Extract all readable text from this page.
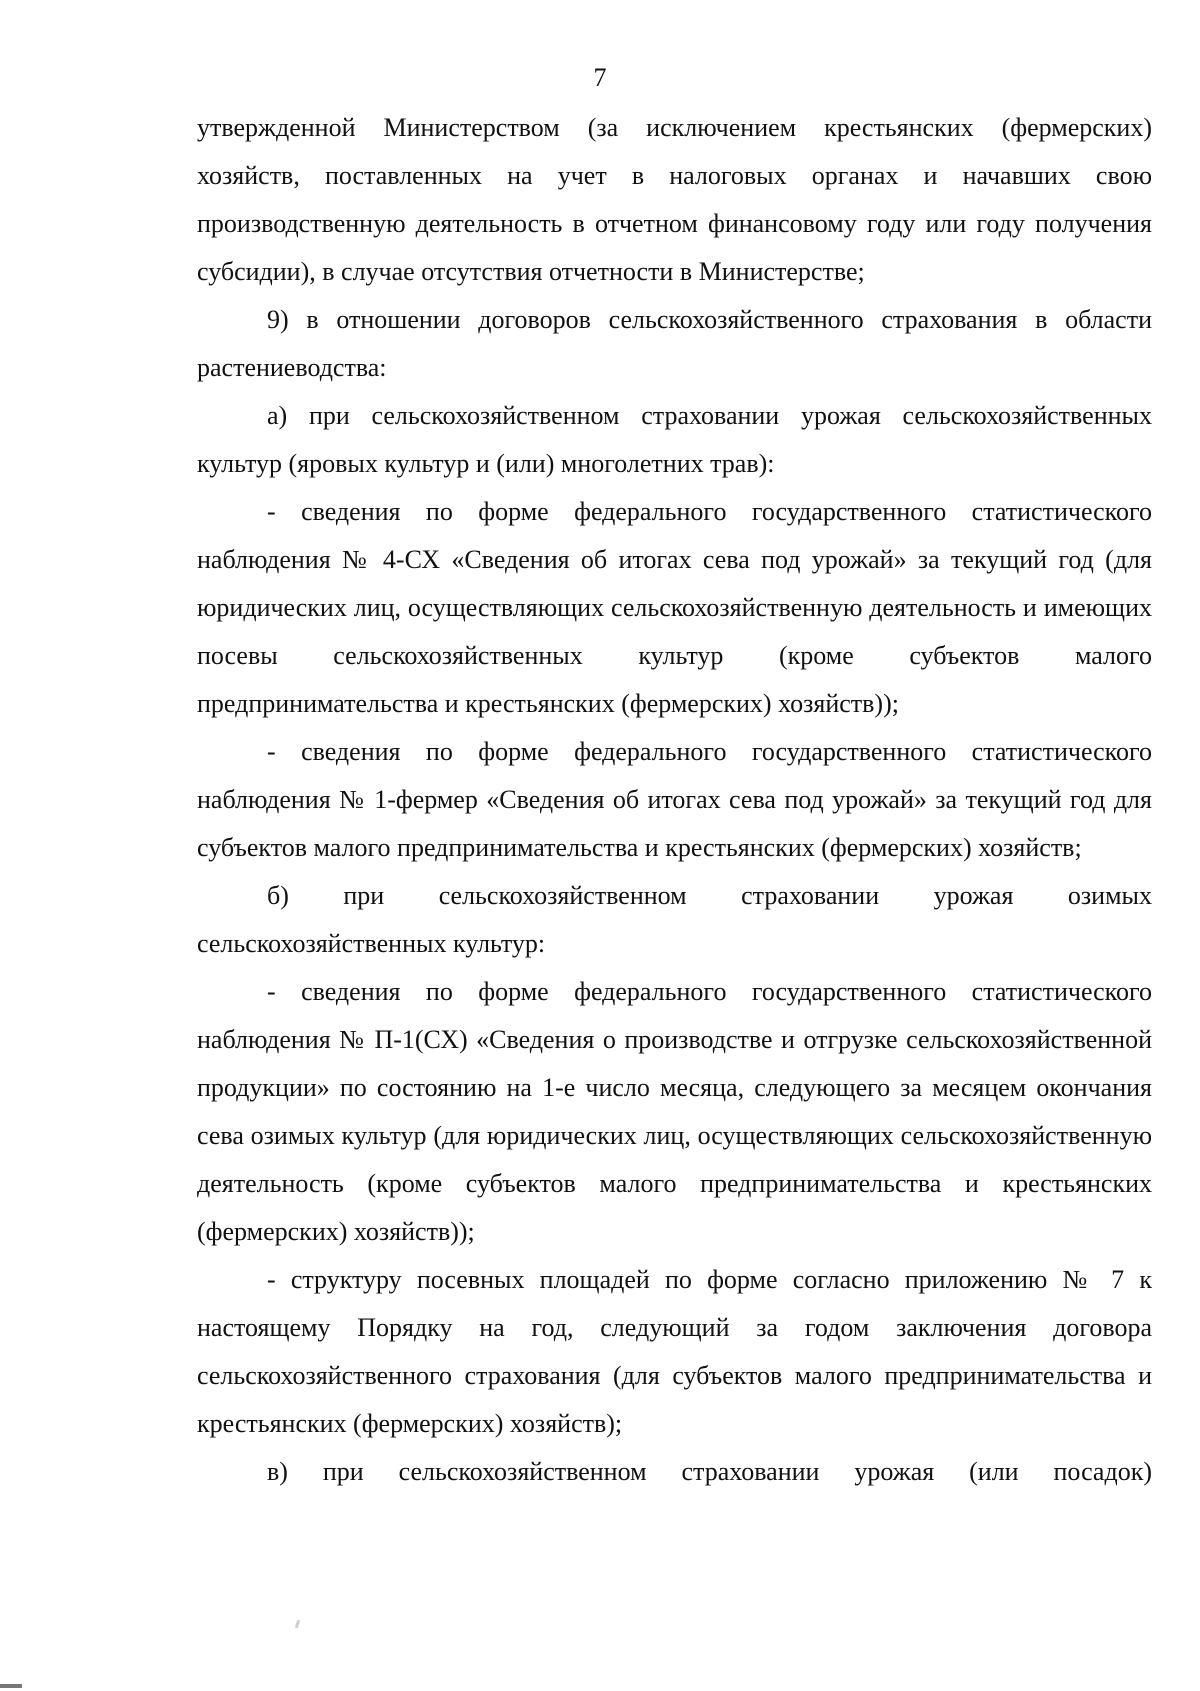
7

утвержденной Министерством (за исключением крестьянских (фермерских) хозяйств, поставленных на учет в налоговых органах и начавших свою производственную деятельность в отчетном финансовому году или году получения субсидии), в случае отсутствия отчетности в Министерстве;

9) в отношении договоров сельскохозяйственного страхования в области растениеводства:

а) при сельскохозяйственном страховании урожая сельскохозяйственных культур (яровых культур и (или) многолетних трав):

- сведения по форме федерального государственного статистического наблюдения № 4-СХ «Сведения об итогах сева под урожай» за текущий год (для юридических лиц, осуществляющих сельскохозяйственную деятельность и имеющих посевы сельскохозяйственных культур (кроме субъектов малого предпринимательства и крестьянских (фермерских) хозяйств));

- сведения по форме федерального государственного статистического наблюдения № 1-фермер «Сведения об итогах сева под урожай» за текущий год для субъектов малого предпринимательства и крестьянских (фермерских) хозяйств;

б) при сельскохозяйственном страховании урожая озимых сельскохозяйственных культур:

- сведения по форме федерального государственного статистического наблюдения № П-1(СХ) «Сведения о производстве и отгрузке сельскохозяйственной продукции» по состоянию на 1-е число месяца, следующего за месяцем окончания сева озимых культур (для юридических лиц, осуществляющих сельскохозяйственную деятельность (кроме субъектов малого предпринимательства и крестьянских (фермерских) хозяйств));

- структуру посевных площадей по форме согласно приложению № 7 к настоящему Порядку на год, следующий за годом заключения договора сельскохозяйственного страхования (для субъектов малого предпринимательства и крестьянских (фермерских) хозяйств);

в) при сельскохозяйственном страховании урожая (или посадок)
